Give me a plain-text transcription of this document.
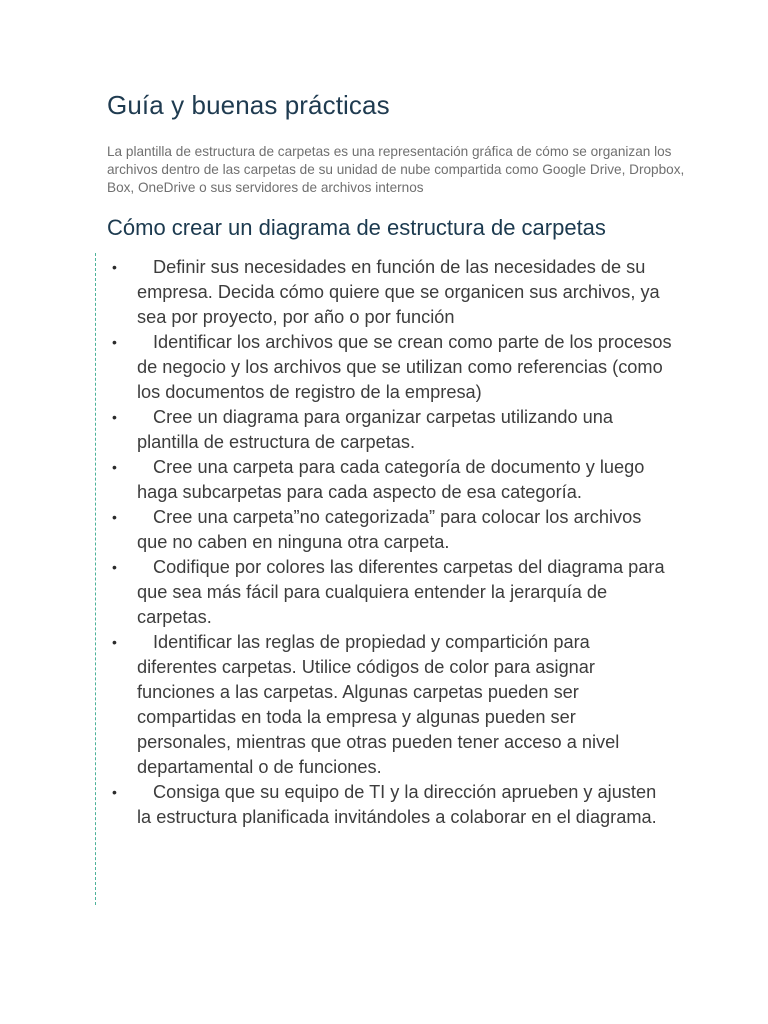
Guía y buenas prácticas

La plantilla de estructura de carpetas es una representación gráfica de cómo se organizan los archivos dentro de las carpetas de su unidad de nube compartida como Google Drive, Dropbox, Box, OneDrive o sus servidores de archivos internos

Cómo crear un diagrama de estructura de carpetas
•	Definir sus necesidades en función de las necesidades de su empresa. Decida cómo quiere que se organicen sus archivos, ya sea por proyecto, por año o por función
•	Identificar los archivos que se crean como parte de los procesos de negocio y los archivos que se utilizan como referencias (como los documentos de registro de la empresa)
•	Cree un diagrama para organizar carpetas utilizando una plantilla de estructura de carpetas.
•	Cree una carpeta para cada categoría de documento y luego haga subcarpetas para cada aspecto de esa categoría.
•	Cree una carpeta”no categorizada” para colocar los archivos que no caben en ninguna otra carpeta.
•	Codifique por colores las diferentes carpetas del diagrama para que sea más fácil para cualquiera entender la jerarquía de carpetas.
•	Identificar las reglas de propiedad y compartición para diferentes carpetas. Utilice códigos de color para asignar funciones a las carpetas. Algunas carpetas pueden ser compartidas en toda la empresa y algunas pueden ser personales, mientras que otras pueden tener acceso a nivel departamental o de funciones.
•	Consiga que su equipo de TI y la dirección aprueben y ajusten la estructura planificada invitándoles a colaborar en el diagrama.
